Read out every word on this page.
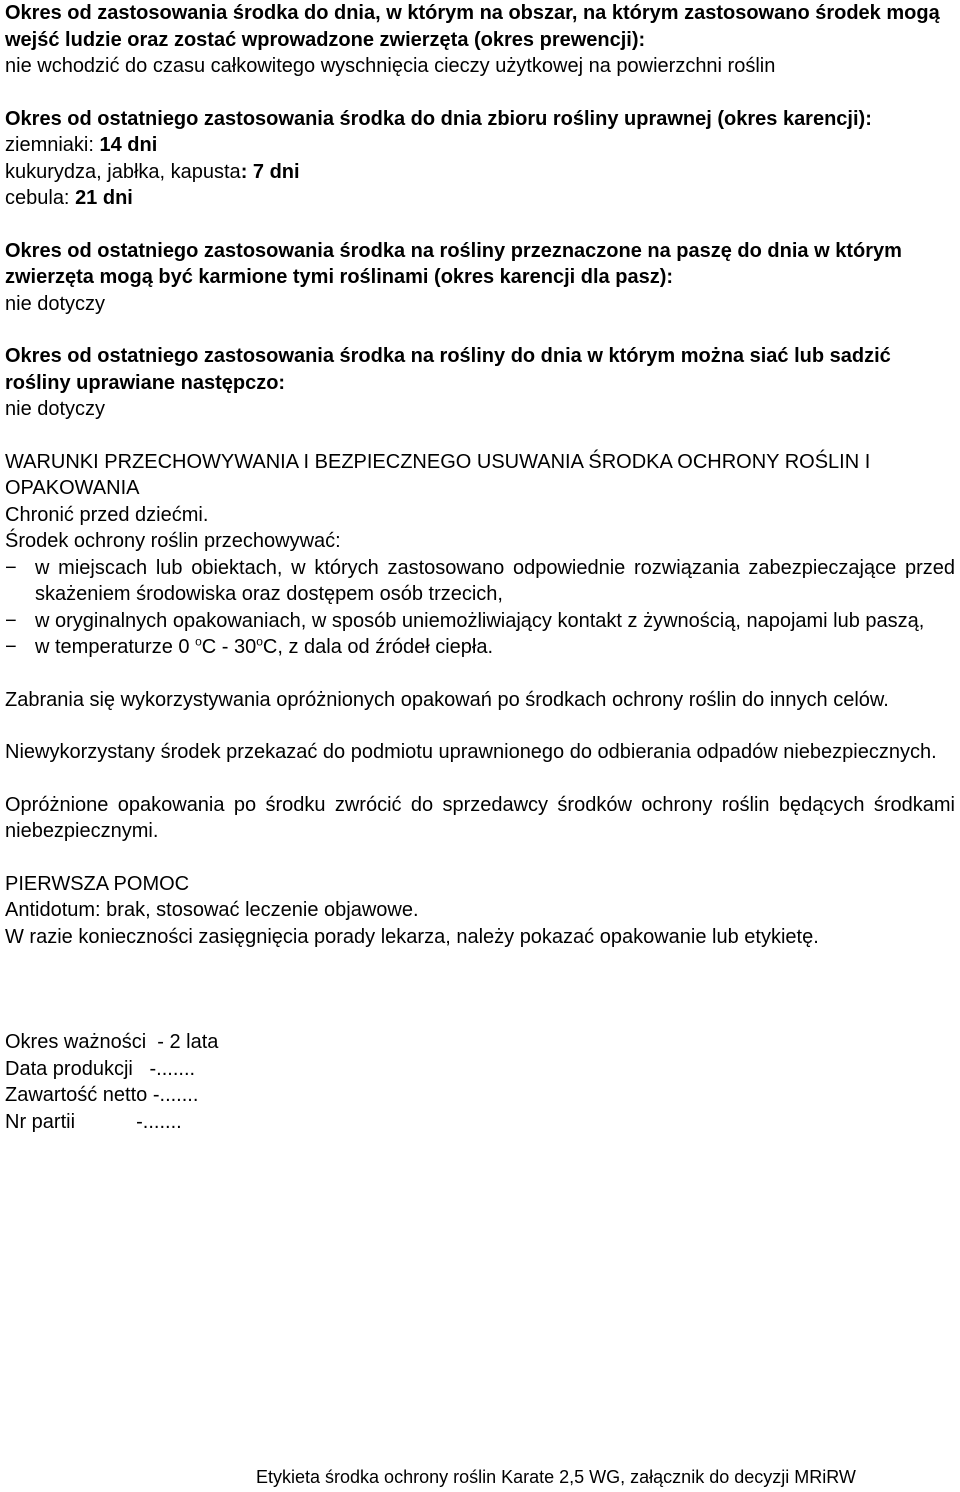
Okres od zastosowania środka do dnia, w którym na obszar, na którym zastosowano środek mogą wejść ludzie oraz zostać wprowadzone zwierzęta (okres prewencji):

nie wchodzić do czasu całkowitego wyschnięcia cieczy użytkowej na powierzchni roślin

Okres od ostatniego zastosowania środka do dnia zbioru rośliny uprawnej (okres karencji):

ziemniaki: 14 dni
kukurydza, jabłka, kapusta: 7 dni
cebula: 21 dni

Okres od ostatniego zastosowania środka na rośliny przeznaczone na paszę do dnia w którym zwierzęta mogą być karmione tymi roślinami (okres karencji dla pasz):

nie dotyczy

Okres od ostatniego zastosowania środka na rośliny do dnia w którym można siać lub sadzić rośliny uprawiane następczo:

nie dotyczy

WARUNKI PRZECHOWYWANIA I BEZPIECZNEGO USUWANIA ŚRODKA OCHRONY ROŚLIN I OPAKOWANIA

Chronić przed dziećmi.

Środek ochrony roślin przechowywać:

− w miejscach lub obiektach, w których zastosowano odpowiednie rozwiązania zabezpieczające przed skażeniem środowiska oraz dostępem osób trzecich,
− w oryginalnych opakowaniach, w sposób uniemożliwiający kontakt z żywnością, napojami lub paszą,
− w temperaturze 0 $^o$C - 30$^o$C, z dala od źródeł ciepła.

Zabrania się wykorzystywania opróżnionych opakowań po środkach ochrony roślin do innych celów.

Niewykorzystany środek przekazać do podmiotu uprawnionego do odbierania odpadów niebezpiecznych.

Opróżnione opakowania po środku zwrócić do sprzedawcy środków ochrony roślin będących środkami niebezpiecznymi.

PIERWSZA POMOC

Antidotum: brak, stosować leczenie objawowe.

W razie konieczności zasięgnięcia porady lekarza, należy pokazać opakowanie lub etykietę.

Okres ważności - 2 lata
Data produkcji -.......
Zawartość netto -.......
Nr partii -.......
Etykieta środka ochrony roślin Karate 2,5 WG, załącznik do decyzji MRiRW
